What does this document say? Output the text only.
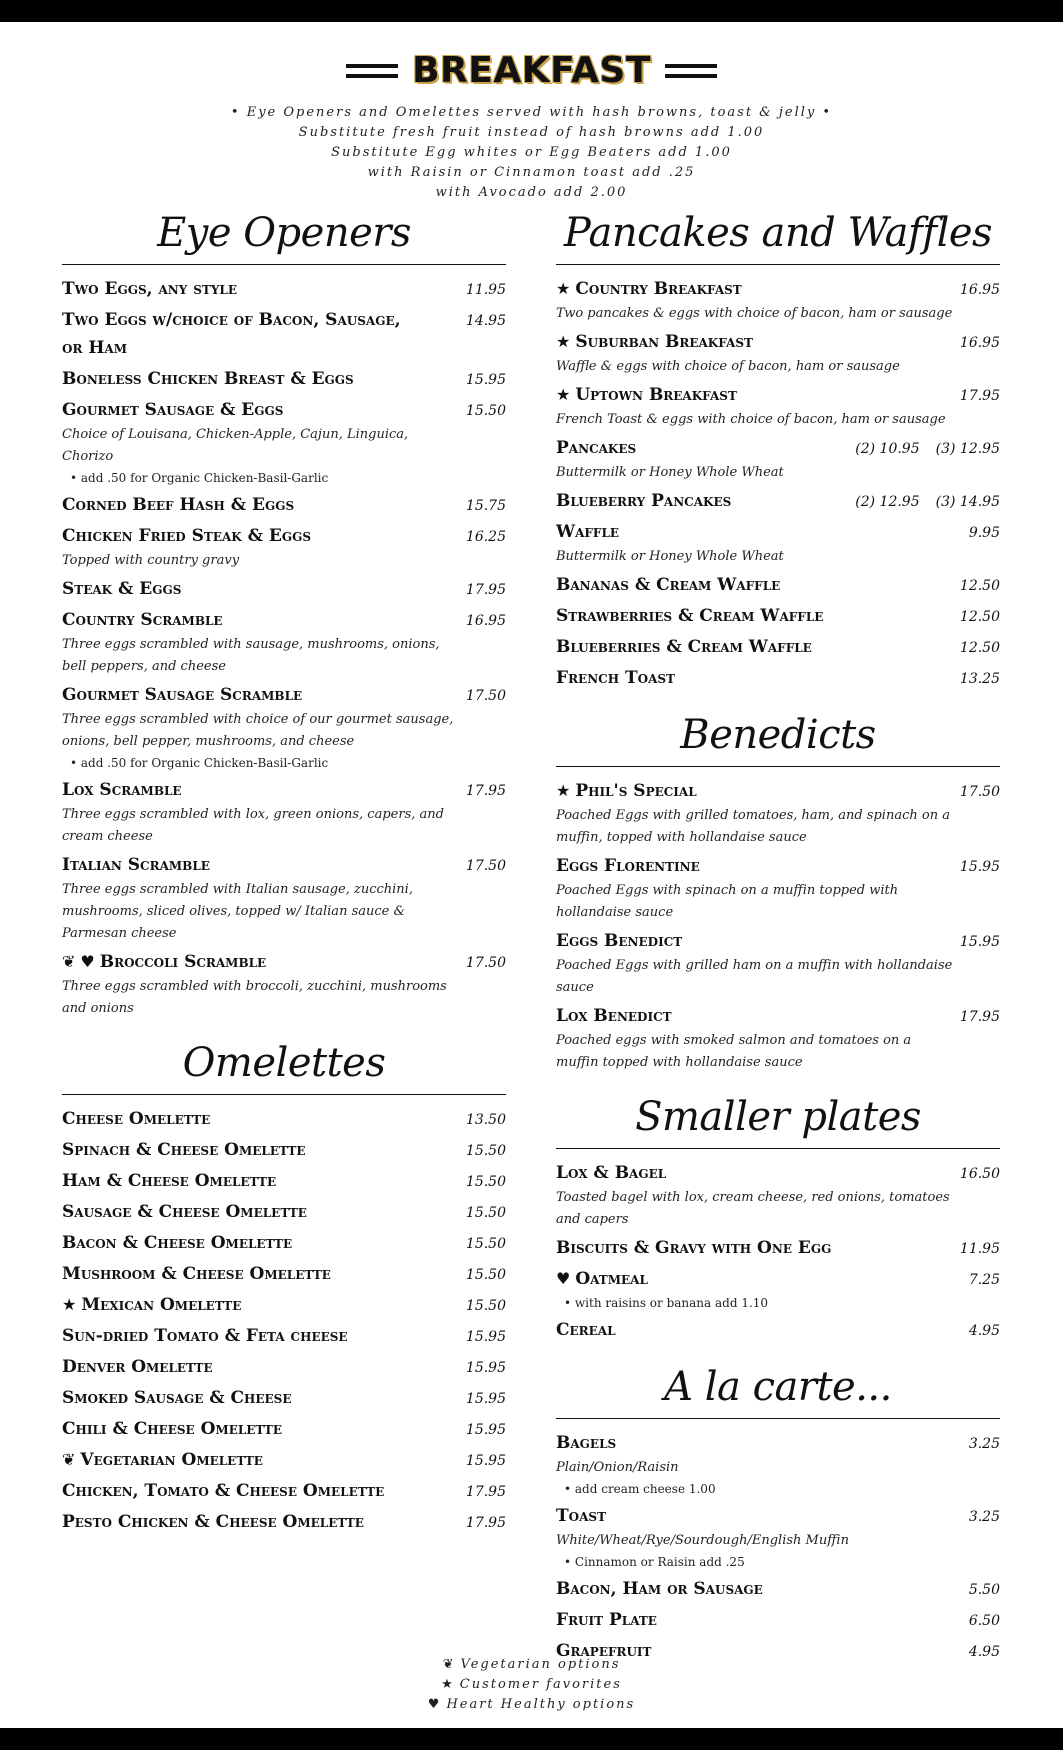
BREAKFAST
• Eye Openers and Omelettes served with hash browns, toast & jelly •
Substitute fresh fruit instead of hash browns add 1.00
Substitute Egg whites or Egg Beaters add 1.00
with Raisin or Cinnamon toast add .25
with Avocado add 2.00
Eye Openers
Two Eggs, any style	11.95
Two Eggs w/choice of Bacon, Sausage, or Ham
14.95
Boneless Chicken Breast & Eggs	15.95
Gourmet Sausage & Eggs	15.50
Choice of Louisana, Chicken-Apple, Cajun, Linguica, Chorizo
• add .50 for Organic Chicken-Basil-Garlic
Corned Beef Hash & Eggs	15.75
Chicken Fried Steak & Eggs	16.25
Topped with country gravy
Steak & Eggs	17.95
Country Scramble	16.95
Three eggs scrambled with sausage, mushrooms, onions, bell peppers, and cheese
Gourmet Sausage Scramble	17.50
Three eggs scrambled with choice of our gourmet sausage, onions, bell pepper, mushrooms, and cheese
• add .50 for Organic Chicken-Basil-Garlic
Lox Scramble	17.95
Three eggs scrambled with lox, green onions, capers, and cream cheese
Italian Scramble	17.50
Three eggs scrambled with Italian sausage, zucchini, mushrooms, sliced olives, topped w/ Italian sauce & Parmesan cheese
❦ ♥ Broccoli Scramble	17.50
Three eggs scrambled with broccoli, zucchini, mushrooms and onions
Omelettes
Cheese Omelette	13.50
Spinach & Cheese Omelette	15.50
Ham & Cheese Omelette	15.50
Sausage & Cheese Omelette	15.50
Bacon & Cheese Omelette	15.50
Mushroom & Cheese Omelette	15.50
★ Mexican Omelette	15.50
Sun-dried Tomato & Feta cheese	15.95
Denver Omelette	15.95
Smoked Sausage & Cheese	15.95
Chili & Cheese Omelette	15.95
❦ Vegetarian Omelette	15.95
Chicken, Tomato & Cheese Omelette	17.95
Pesto Chicken & Cheese Omelette	17.95
Pancakes and Waffles
★ Country Breakfast	16.95
Two pancakes & eggs with choice of bacon, ham or sausage
★ Suburban Breakfast	16.95
Waffle & eggs with choice of bacon, ham or sausage
★ Uptown Breakfast	17.95
French Toast & eggs with choice of bacon, ham or sausage
Pancakes	(2) 10.95 (3) 12.95
Buttermilk or Honey Whole Wheat
Blueberry Pancakes	(2) 12.95 (3) 14.95
Waffle	9.95
Buttermilk or Honey Whole Wheat
Bananas & Cream Waffle	12.50
Strawberries & Cream Waffle	12.50
Blueberries & Cream Waffle	12.50
French Toast	13.25
Benedicts
★ Phil's Special	17.50
Poached Eggs with grilled tomatoes, ham, and spinach on a muffin, topped with hollandaise sauce
Eggs Florentine	15.95
Poached Eggs with spinach on a muffin topped with hollandaise sauce
Eggs Benedict	15.95
Poached Eggs with grilled ham on a muffin with hollandaise sauce
Lox Benedict	17.95
Poached eggs with smoked salmon and tomatoes on a muffin topped with hollandaise sauce
Smaller plates
Lox & Bagel	16.50
Toasted bagel with lox, cream cheese, red onions, tomatoes and capers
Biscuits & Gravy with One Egg	11.95
♥ Oatmeal	7.25
• with raisins or banana add 1.10
Cereal	4.95
A la carte...
Bagels	3.25
Plain/Onion/Raisin
• add cream cheese 1.00
Toast	3.25
White/Wheat/Rye/Sourdough/English Muffin
• Cinnamon or Raisin add .25
Bacon, Ham or Sausage	5.50
Fruit Plate	6.50
Grapefruit	4.95
❦ Vegetarian options
★ Customer favorites
♥ Heart Healthy options
